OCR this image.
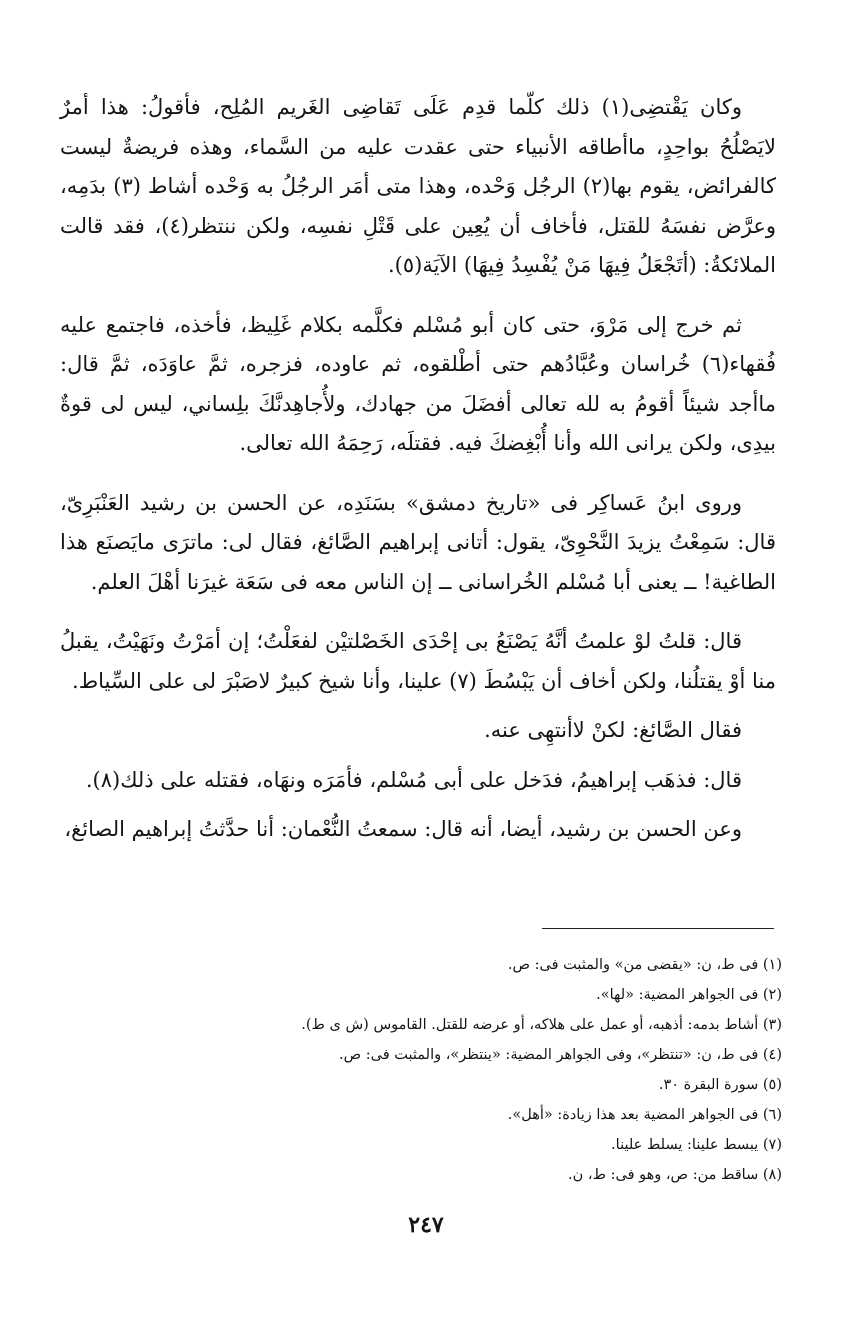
وكان يَقْتضِى(١) ذلك كلّما قدِم عَلَى تَقاضِى الغَريم المُلِح، فأقولُ: هذا أمرٌ لايَصْلُحُ بواحِدٍ، ماأطاقه الأنبياء حتى عقدت عليه من السَّماء، وهذه فريضةٌ ليست كالفرائض، يقوم بها(٢) الرجُل وَحْده، وهذا متى أمَر الرجُلُ به وَحْده أشاط (٣) بدَمِه، وعرَّض نفسَهُ للقتل، فأخاف أن يُعِين على قَتْلِ نفسِه، ولكن ننتظر(٤)، فقد قالت الملائكةُ: (أتَجْعَلُ فِيهَا مَنْ يُفْسِدُ فِيهَا) الآيَة(٥).

ثم خرج إلى مَرْوَ، حتى كان أبو مُسْلم فكلَّمه بكلام غَلِيظ، فأخذه، فاجتمع عليه فُقهاء(٦) خُراسان وعُبَّادُهم حتى أطْلقوه، ثم عاوده، فزجره، ثمَّ عاوَدَه، ثمَّ قال: ماأجد شيئاً أقومُ به لله تعالى أفضَلَ من جهادك، ولأُجاهِدنَّكَ بلِساني، ليس لى قوةٌ بيدِى، ولكن يرانى الله وأنا أُبْغِضكَ فيه. فقتلَه، رَحِمَهُ الله تعالى.

وروى ابنُ عَساكِر فى «تاريخ دمشق» بسَنَدِه، عن الحسن بن رشيد العَنْبَرِىّ، قال: سَمِعْتُ يزيدَ النَّحْوِىّ، يقول: أتانى إبراهيم الصَّائغ، فقال لى: ماترَى مايَصنَع هذا الطاغية! ــ يعنى أبا مُسْلم الخُراسانى ــ إن الناس معه فى سَعَة غيرَنا أهْلَ العلم.

قال: قلتُ لوْ علمتُ أنَّهُ يَصْنَعُ بى إحْدَى الخَصْلتيْن لفعَلْتُ؛ إن أمَرْتُ ونَهَيْتُ، يقبلُ منا أوْ يقتلُنا، ولكن أخاف أن يَبْسُطَ (٧) علينا، وأنا شيخ كبيرٌ لاصَبْرَ لى على السِّياط.

فقال الصَّائغ: لكنْ لاأنتهِى عنه.

قال: فذهَب إبراهيمُ، فدَخل على أبى مُسْلم، فأمَرَه ونهَاه، فقتله على ذلك(٨).

وعن الحسن بن رشيد، أيضا، أنه قال: سمعتُ النُّعْمان: أنا حدَّثتُ إبراهيم الصائغ،

(١) فى ط، ن: «يقضى من» والمثبت فى: ص.
(٢) فى الجواهر المضية: «لها».
(٣) أشاط بدمه: أذهبه، أو عمل على هلاكه، أو عرضه للقتل. القاموس (ش ى ط).
(٤) فى ط، ن: «تنتظر»، وفى الجواهر المضية: «ينتظر»، والمثبت فى: ص.
(٥) سورة البقرة ٣٠.
(٦) فى الجواهر المضية بعد هذا زيادة: «أهل».
(٧) يبسط علينا: يسلط علينا.
(٨) ساقط من: ص، وهو فى: ط، ن.
٢٤٧
